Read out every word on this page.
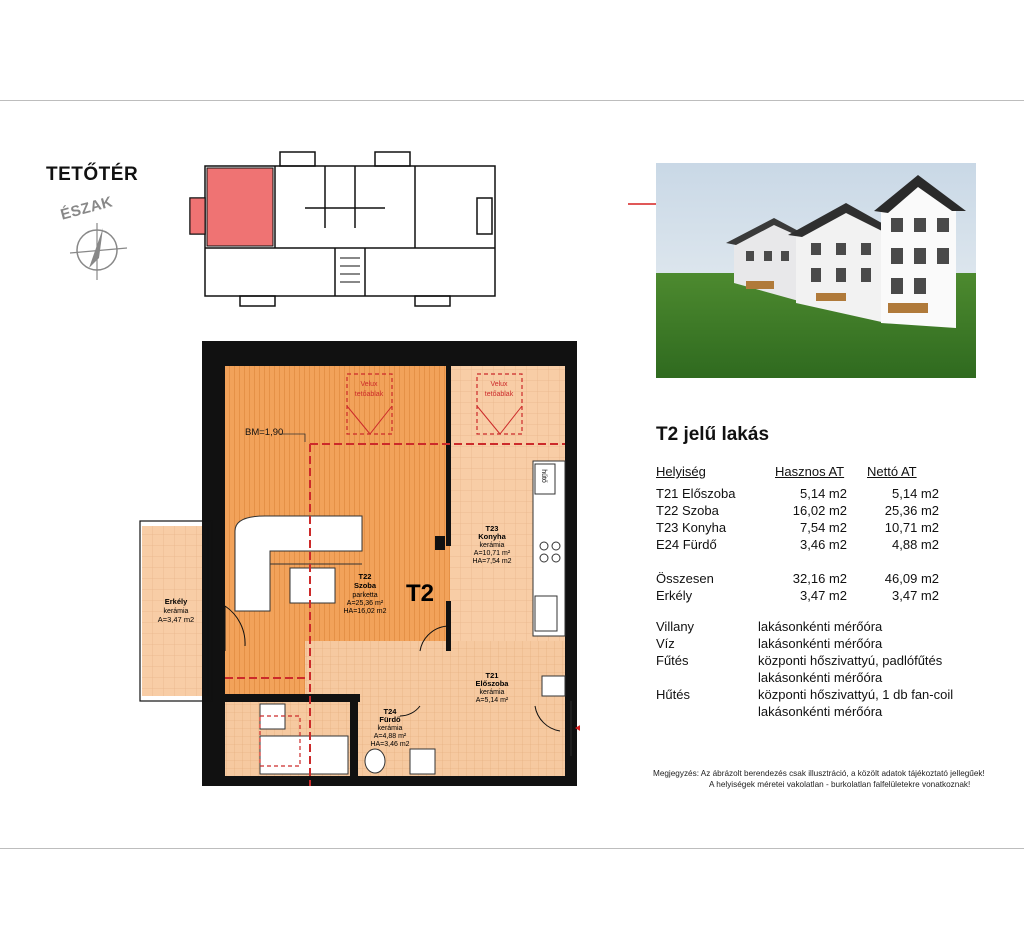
TETŐTÉR
ÉSZAK
BM=1,90
hűtő
Velux
tetőablak
Velux
tetőablak
T22
Szoba
parketta
A=25,36 m²
HA=16,02 m2
T2
T23
Konyha
kerámia
A=10,71 m²
HA=7,54 m2
T21
Előszoba
kerámia
A=5,14 m²
T24
Fürdő
kerámia
A=4,88 m²
HA=3,46 m2
Erkély
kerámia
A=3,47 m2
T2 jelű lakás
Helyiség	Hasznos AT	Nettó AT
T21 Előszoba	5,14 m2	5,14 m2
T22 Szoba	16,02 m2	25,36 m2
T23 Konyha	7,54 m2	10,71 m2
E24 Fürdő	3,46 m2	4,88 m2

Összesen	32,16 m2	46,09 m2
Erkély	3,47 m2	3,47 m2
Villany	lakásonkénti mérőóra
Víz	lakásonkénti mérőóra
Fűtés	központi hőszivattyú, padlófűtés
lakásonkénti mérőóra
Hűtés	központi hőszivattyú, 1 db fan-coil
lakásonkénti mérőóra
Megjegyzés: Az ábrázolt berendezés csak illusztráció, a közölt adatok tájékoztató jellegűek!
A helyiségek méretei vakolatlan - burkolatlan falfelületekre vonatkoznak!
